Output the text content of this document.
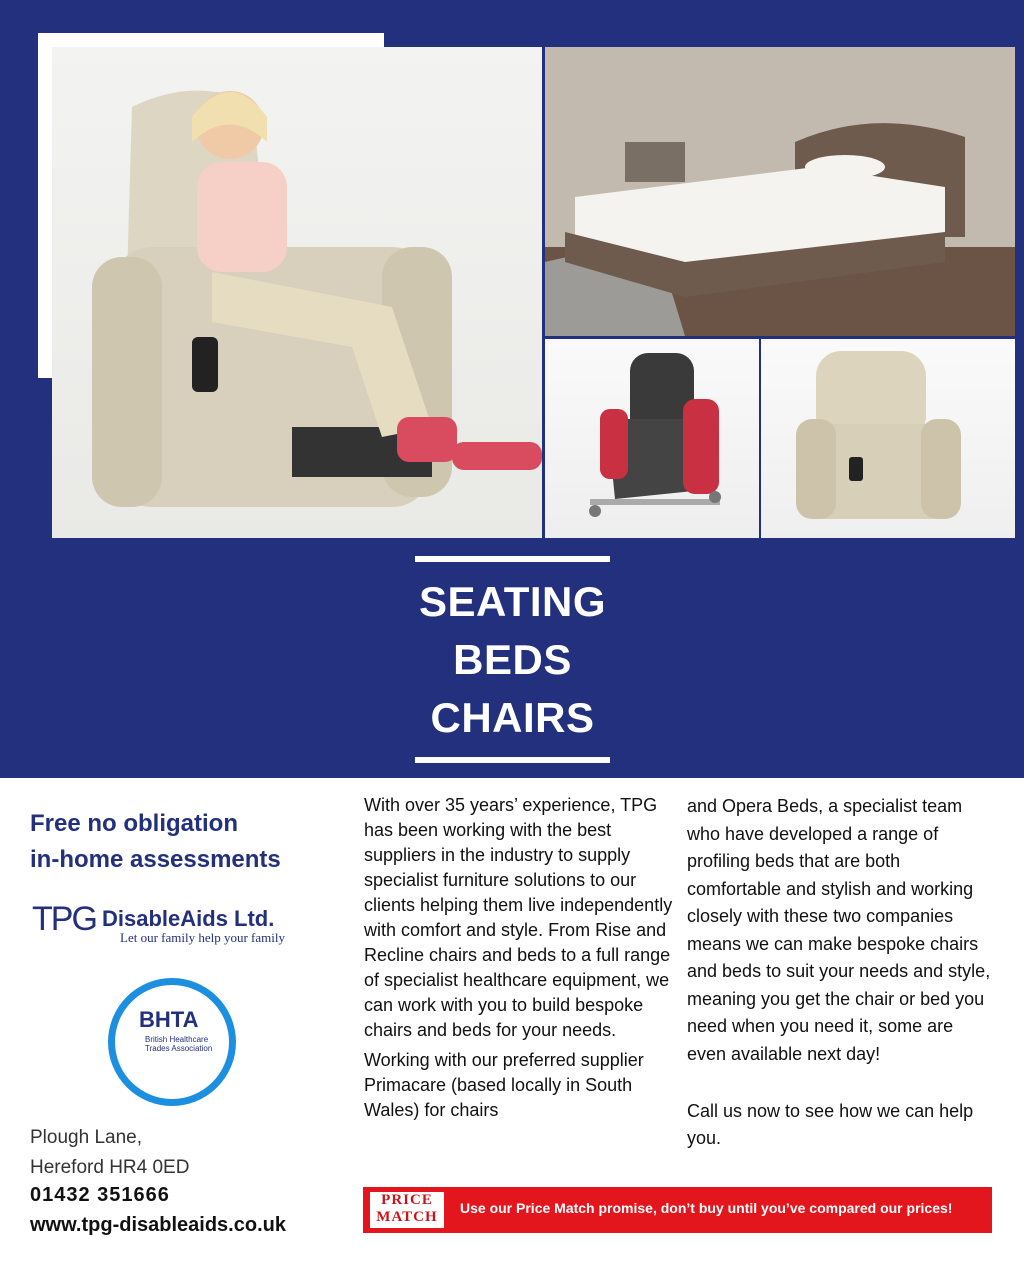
SEATING
BEDS
CHAIRS
Free no obligation
in-home assessments
TPG DisableAids Ltd.
Let our family help your family
BHTA
British Healthcare Trades Association
Plough Lane,
Hereford HR4 0ED
01432 351666
www.tpg-disableaids.co.uk

With over 35 years’ experience, TPG has been working with the best suppliers in the industry to supply specialist furniture solutions to our clients helping them live independently with comfort and style. From Rise and Recline chairs and beds to a full range of specialist healthcare equipment, we can work with you to build bespoke chairs and beds for your needs.

Working with our preferred supplier Primacare (based locally in South Wales) for chairs

and Opera Beds, a specialist team who have developed a range of profiling beds that are both comfortable and stylish and working closely with these two companies means we can make bespoke chairs and beds to suit your needs and style, meaning you get the chair or bed you need when you need it, some are even available next day!

Call us now to see how we can help you.

PRICE
MATCH
Use our Price Match promise, don’t buy until you’ve compared our prices!
